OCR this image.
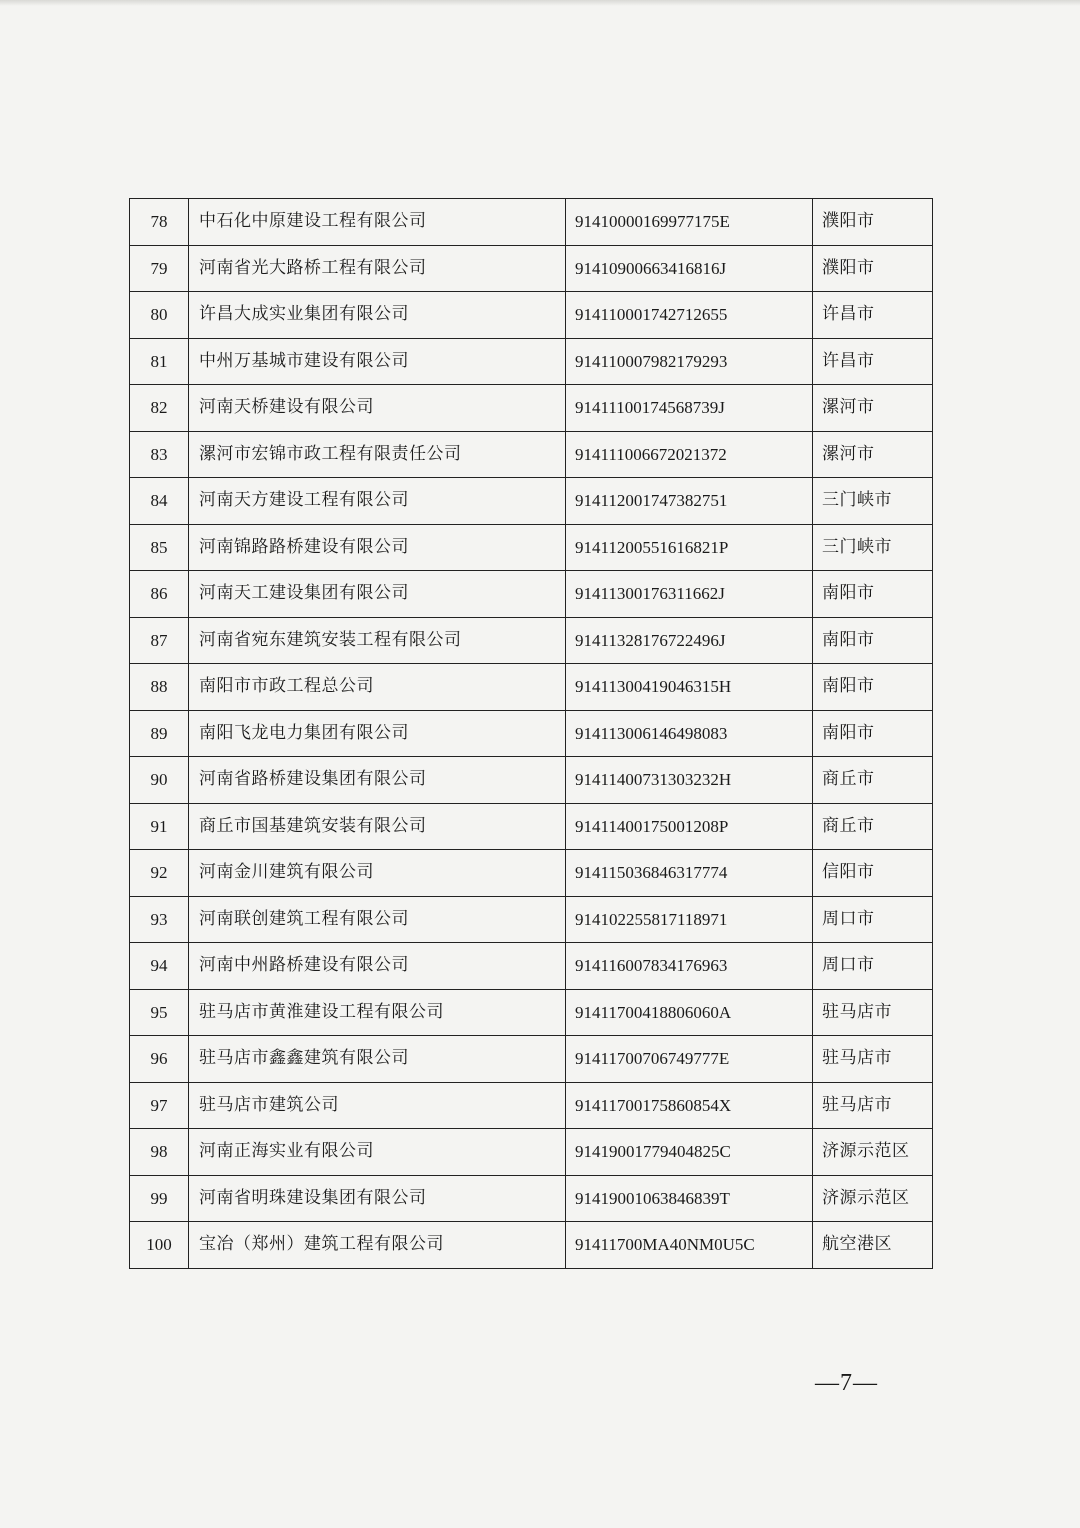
78	中石化中原建设工程有限公司	91410000169977175E	濮阳市
79	河南省光大路桥工程有限公司	91410900663416816J	濮阳市
80	许昌大成实业集团有限公司	914110001742712655	许昌市
81	中州万基城市建设有限公司	914110007982179293	许昌市
82	河南天桥建设有限公司	91411100174568739J	漯河市
83	漯河市宏锦市政工程有限责任公司	914111006672021372	漯河市
84	河南天方建设工程有限公司	914112001747382751	三门峡市
85	河南锦路路桥建设有限公司	91411200551616821P	三门峡市
86	河南天工建设集团有限公司	91411300176311662J	南阳市
87	河南省宛东建筑安装工程有限公司	91411328176722496J	南阳市
88	南阳市市政工程总公司	91411300419046315H	南阳市
89	南阳飞龙电力集团有限公司	914113006146498083	南阳市
90	河南省路桥建设集团有限公司	91411400731303232H	商丘市
91	商丘市国基建筑安装有限公司	91411400175001208P	商丘市
92	河南金川建筑有限公司	914115036846317774	信阳市
93	河南联创建筑工程有限公司	914102255817118971	周口市
94	河南中州路桥建设有限公司	914116007834176963	周口市
95	驻马店市黄淮建设工程有限公司	91411700418806060A	驻马店市
96	驻马店市鑫鑫建筑有限公司	91411700706749777E	驻马店市
97	驻马店市建筑公司	91411700175860854X	驻马店市
98	河南正海实业有限公司	91419001779404825C	济源示范区
99	河南省明珠建设集团有限公司	91419001063846839T	济源示范区
100	宝冶（郑州）建筑工程有限公司	91411700MA40NM0U5C	航空港区
—7—
